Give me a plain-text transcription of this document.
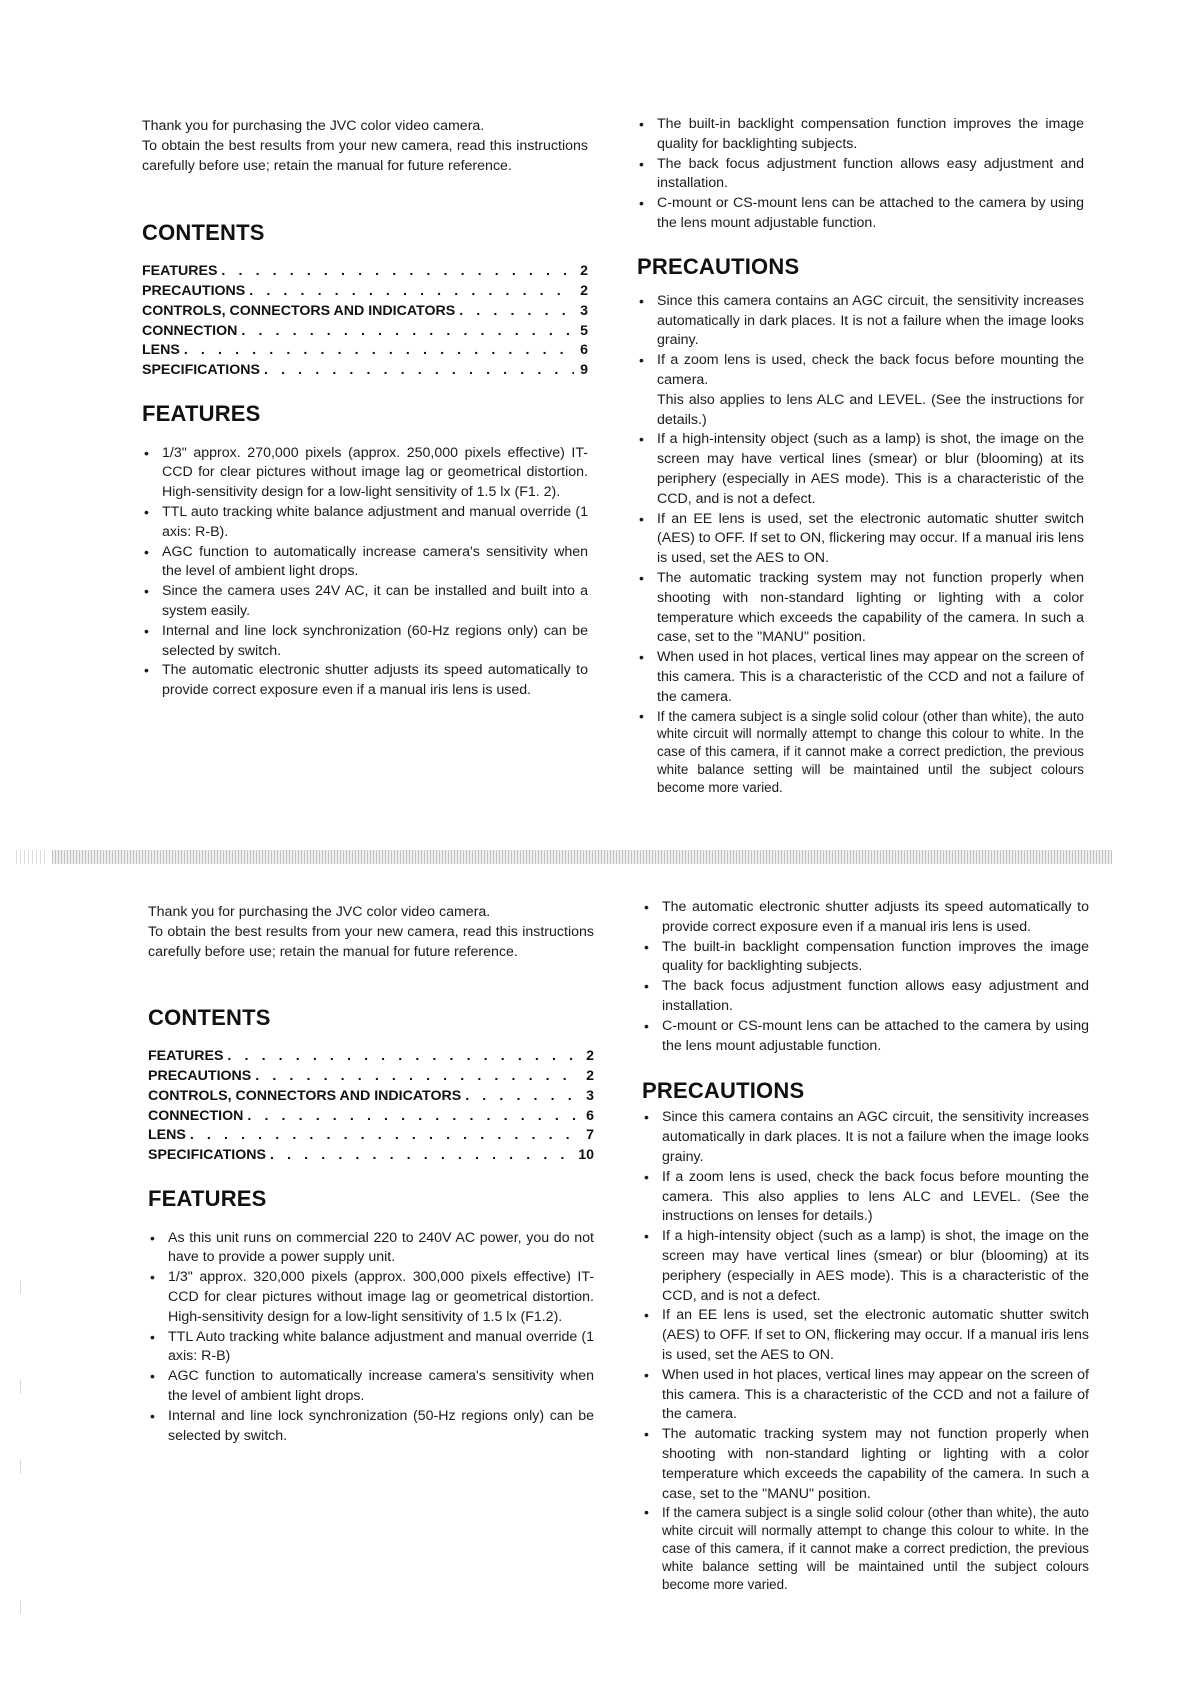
Thank you for purchasing the JVC color video camera.
To obtain the best results from your new camera, read this instructions carefully before use; retain the manual for future reference.

CONTENTS
FEATURES . . .	2
PRECAUTIONS . . .	2
CONTROLS, CONNECTORS AND INDICATORS . . .	3
CONNECTION . . .	5
LENS . . .	6
SPECIFICATIONS . . .	9
FEATURES
• 1/3" approx. 270,000 pixels (approx. 250,000 pixels effective) IT-CCD for clear pictures without image lag or geometrical distortion. High-sensitivity design for a low-light sensitivity of 1.5 lx (F1. 2).
• TTL auto tracking white balance adjustment and manual override (1 axis: R-B).
• AGC function to automatically increase camera's sensitivity when the level of ambient light drops.
• Since the camera uses 24V AC, it can be installed and built into a system easily.
• Internal and line lock synchronization (60-Hz regions only) can be selected by switch.
• The automatic electronic shutter adjusts its speed automatically to provide correct exposure even if a manual iris lens is used.
• The built-in backlight compensation function improves the image quality for backlighting subjects.
• The back focus adjustment function allows easy adjustment and installation.
• C-mount or CS-mount lens can be attached to the camera by using the lens mount adjustable function.
PRECAUTIONS
• Since this camera contains an AGC circuit, the sensitivity increases automatically in dark places. It is not a failure when the image looks grainy.
• If a zoom lens is used, check the back focus before mounting the camera.
This also applies to lens ALC and LEVEL. (See the instructions for details.)
• If a high-intensity object (such as a lamp) is shot, the image on the screen may have vertical lines (smear) or blur (blooming) at its periphery (especially in AES mode). This is a characteristic of the CCD, and is not a defect.
• If an EE lens is used, set the electronic automatic shutter switch (AES) to OFF. If set to ON, flickering may occur. If a manual iris lens is used, set the AES to ON.
• The automatic tracking system may not function properly when shooting with non-standard lighting or lighting with a color temperature which exceeds the capability of the camera. In such a case, set to the "MANU" position.
• When used in hot places, vertical lines may appear on the screen of this camera. This is a characteristic of the CCD and not a failure of the camera.
• If the camera subject is a single solid colour (other than white), the auto white circuit will normally attempt to change this colour to white. In the case of this camera, if it cannot make a correct prediction, the previous white balance setting will be maintained until the subject colours become more varied.

Thank you for purchasing the JVC color video camera.
To obtain the best results from your new camera, read this instructions carefully before use; retain the manual for future reference.

CONTENTS
FEATURES . . .	2
PRECAUTIONS . . .	2
CONTROLS, CONNECTORS AND INDICATORS . . .	3
CONNECTION . . .	6
LENS . . .	7
SPECIFICATIONS . . .	10
FEATURES
• As this unit runs on commercial 220 to 240V AC power, you do not have to provide a power supply unit.
• 1/3" approx. 320,000 pixels (approx. 300,000 pixels effective) IT-CCD for clear pictures without image lag or geometrical distortion. High-sensitivity design for a low-light sensitivity of 1.5 lx (F1.2).
• TTL Auto tracking white balance adjustment and manual override (1 axis: R-B)
• AGC function to automatically increase camera's sensitivity when the level of ambient light drops.
• Internal and line lock synchronization (50-Hz regions only) can be selected by switch.
• The automatic electronic shutter adjusts its speed automatically to provide correct exposure even if a manual iris lens is used.
• The built-in backlight compensation function improves the image quality for backlighting subjects.
• The back focus adjustment function allows easy adjustment and installation.
• C-mount or CS-mount lens can be attached to the camera by using the lens mount adjustable function.
PRECAUTIONS
• Since this camera contains an AGC circuit, the sensitivity increases automatically in dark places. It is not a failure when the image looks grainy.
• If a zoom lens is used, check the back focus before mounting the camera. This also applies to lens ALC and LEVEL. (See the instructions on lenses for details.)
• If a high-intensity object (such as a lamp) is shot, the image on the screen may have vertical lines (smear) or blur (blooming) at its periphery (especially in AES mode). This is a characteristic of the CCD, and is not a defect.
• If an EE lens is used, set the electronic automatic shutter switch (AES) to OFF. If set to ON, flickering may occur. If a manual iris lens is used, set the AES to ON.
• When used in hot places, vertical lines may appear on the screen of this camera. This is a characteristic of the CCD and not a failure of the camera.
• The automatic tracking system may not function properly when shooting with non-standard lighting or lighting with a color temperature which exceeds the capability of the camera. In such a case, set to the "MANU" position.
• If the camera subject is a single solid colour (other than white), the auto white circuit will normally attempt to change this colour to white. In the case of this camera, if it cannot make a correct prediction, the previous white balance setting will be maintained until the subject colours become more varied.
